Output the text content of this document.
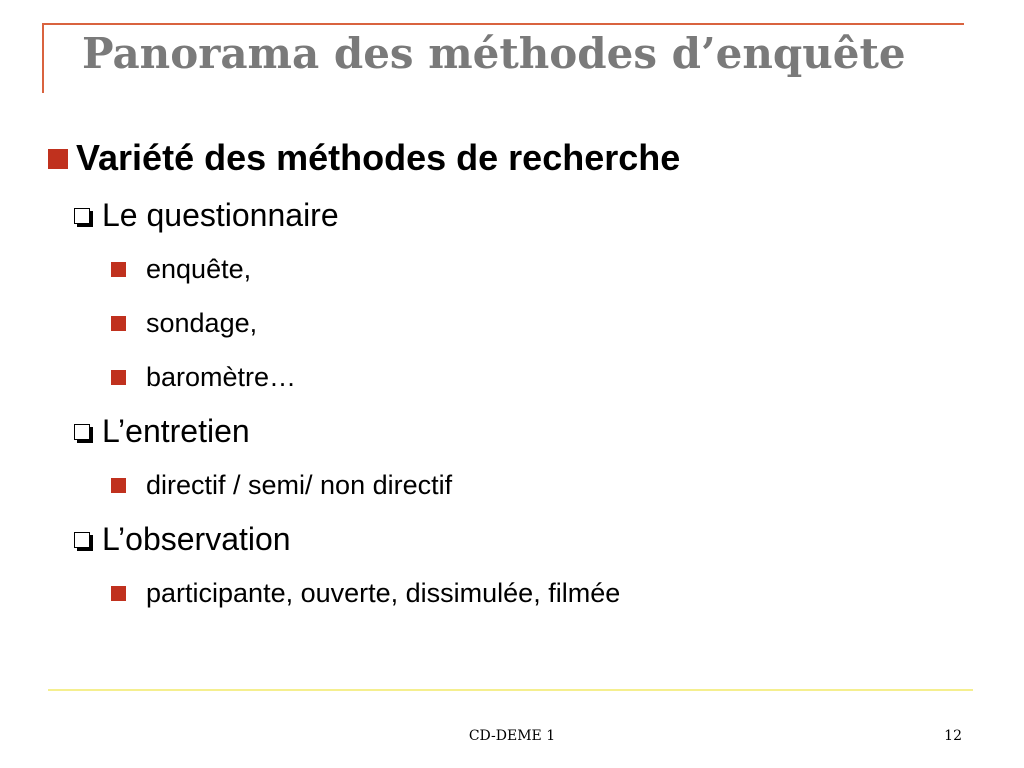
Panorama des méthodes d’enquête
Variété des méthodes de recherche
Le questionnaire
enquête,
sondage,
baromètre…
L’entretien
directif / semi/ non directif
L’observation
participante, ouverte, dissimulée, filmée
CD-DEME 1	12
